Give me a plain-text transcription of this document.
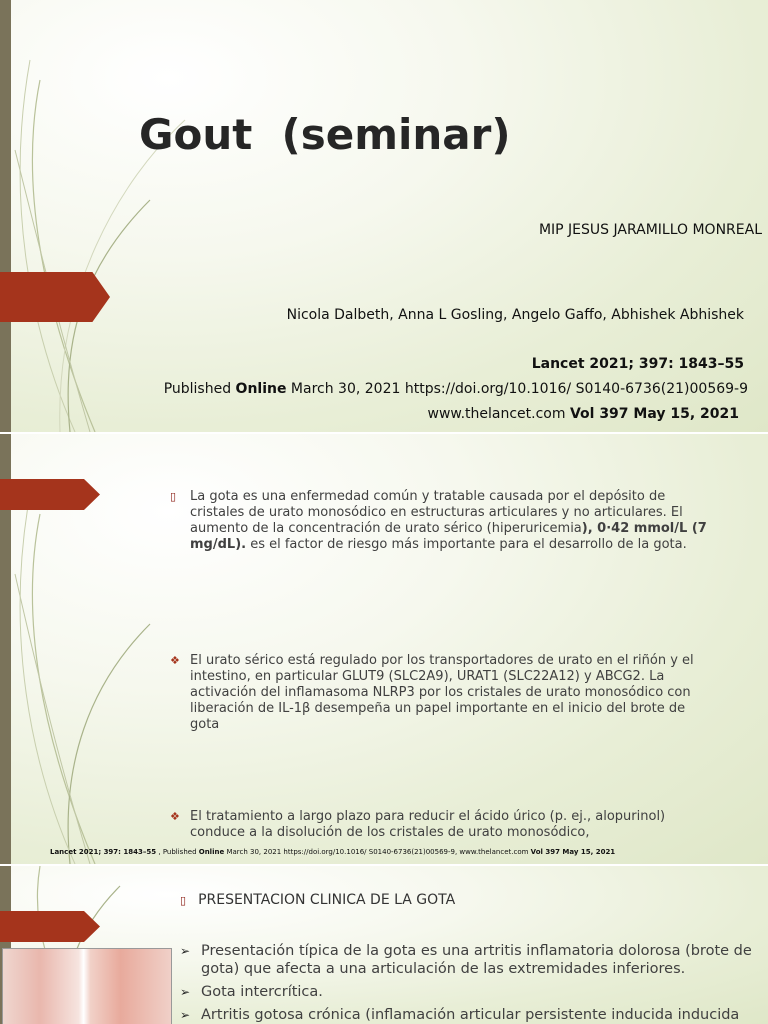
Gout  (seminar)
MIP JESUS JARAMILLO MONREAL
Nicola Dalbeth, Anna L Gosling, Angelo Gaffo, Abhishek Abhishek
Lancet 2021; 397: 1843–55
Published Online March 30, 2021 https://doi.org/10.1016/ S0140-6736(21)00569-9
www.thelancet.com Vol 397 May 15, 2021
▯ La gota es una enfermedad común y tratable causada por el depósito de cristales de urato monosódico en estructuras articulares y no articulares. El aumento de la concentración de urato sérico (hiperuricemia), 0·42 mmol/L (7 mg/dL). es el factor de riesgo más importante para el desarrollo de la gota.
❖ El urato sérico está regulado por los transportadores de urato en el riñón y el intestino, en particular GLUT9 (SLC2A9), URAT1 (SLC22A12) y ABCG2. La activación del inflamasoma NLRP3 por los cristales de urato monosódico con liberación de IL-1β desempeña un papel importante en el inicio del brote de gota
❖ El tratamiento a largo plazo para reducir el ácido úrico (p. ej., alopurinol) conduce a la disolución de los cristales de urato monosódico,
Lancet 2021; 397: 1843–55 , Published Online March 30, 2021 https://doi.org/10.1016/ S0140-6736(21)00569-9, www.thelancet.com Vol 397 May 15, 2021
▯ PRESENTACION CLINICA DE LA GOTA
➢ Presentación típica de la gota es una artritis inflamatoria dolorosa (brote de gota) que afecta a una articulación de las extremidades inferiores.
➢ Gota intercrítica.
➢ Artritis gotosa crónica (inflamación articular persistente inducida inducida
